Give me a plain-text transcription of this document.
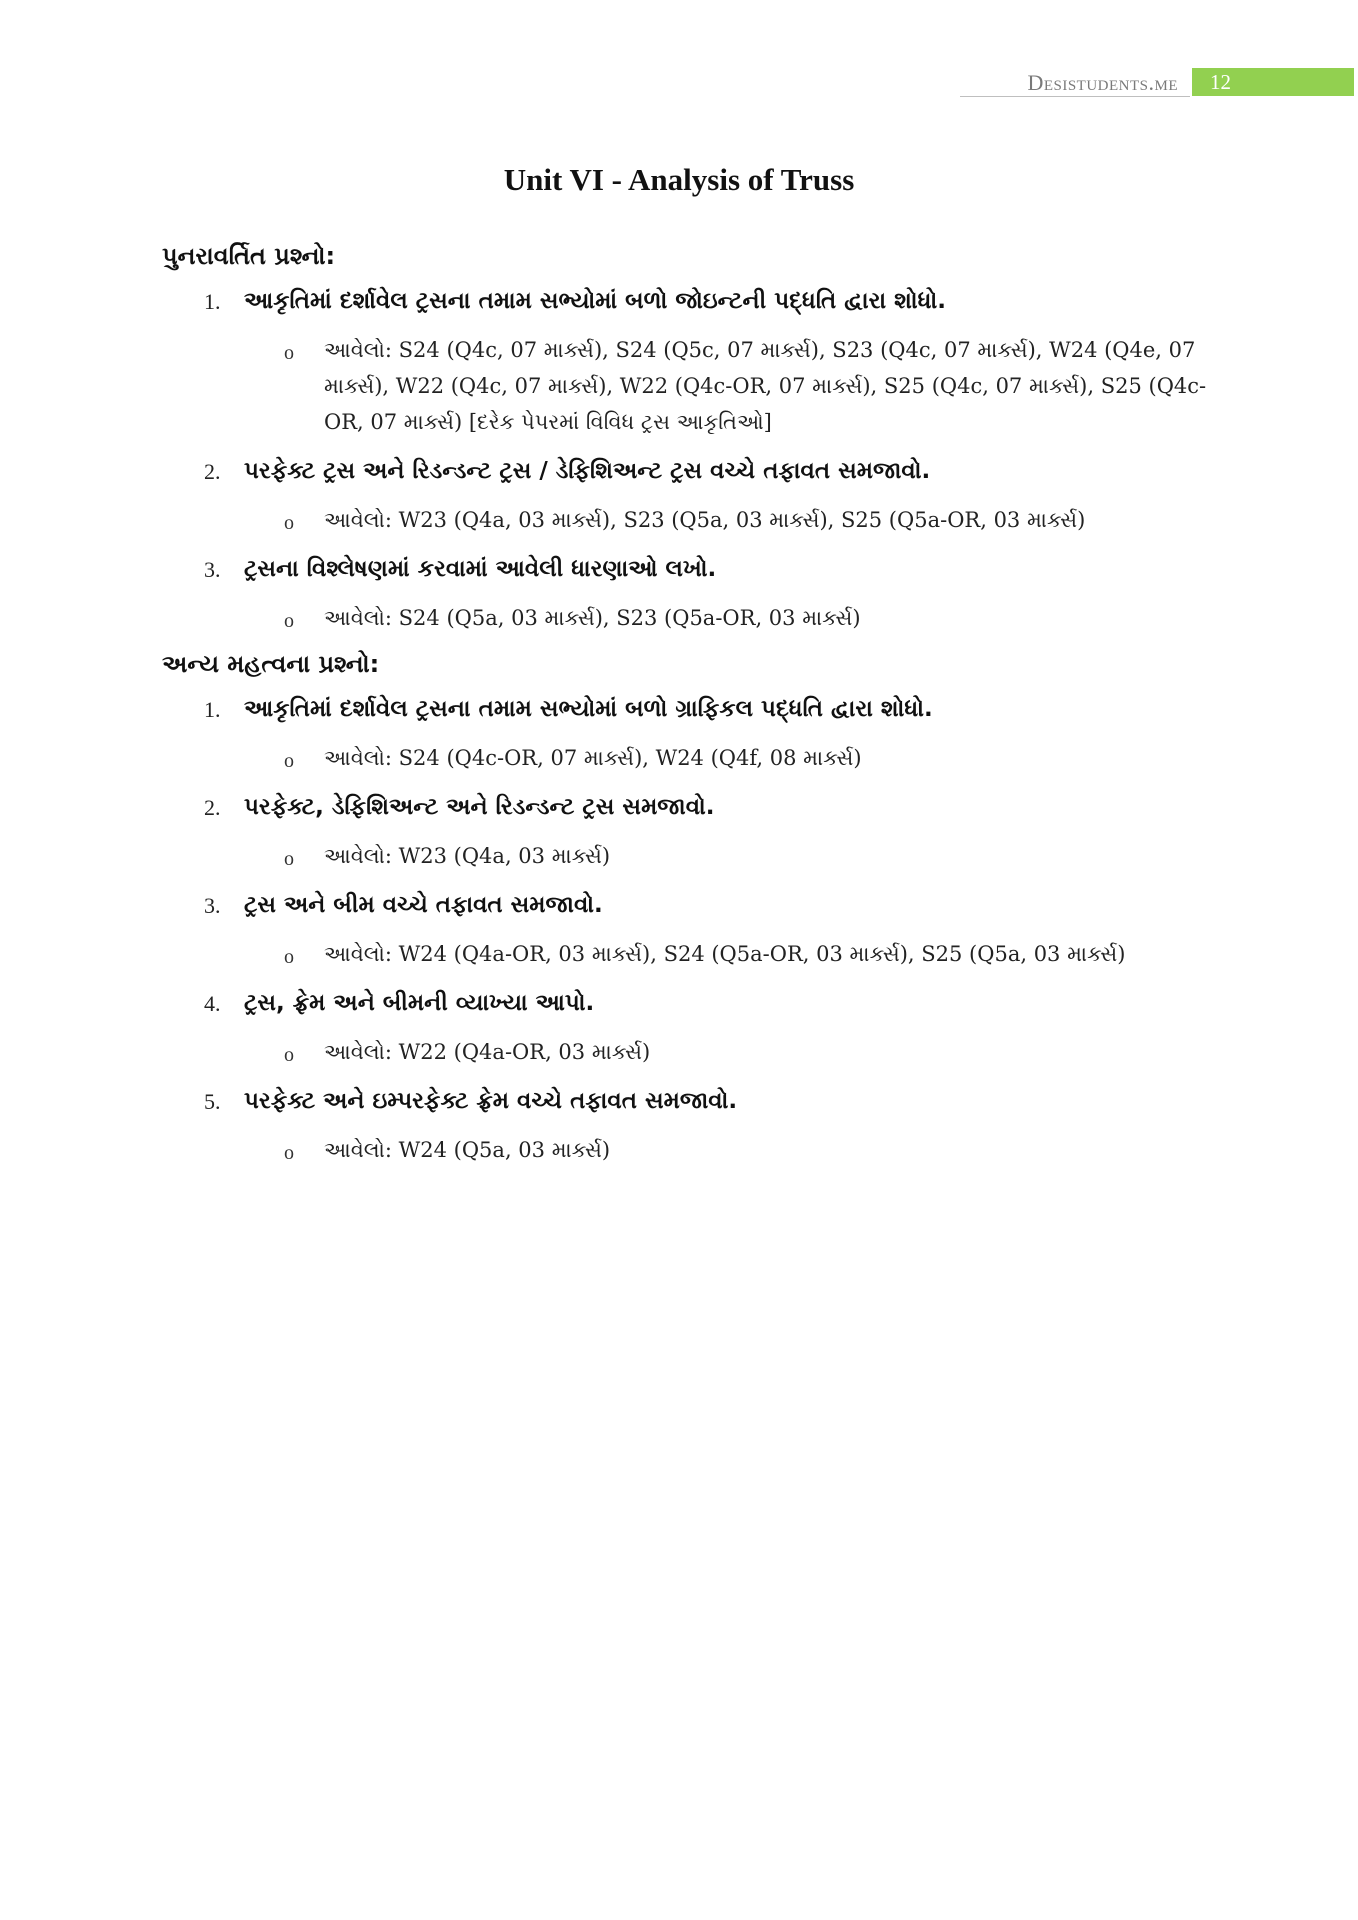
Desistudents.me	12
Unit VI - Analysis of Truss
પુનરાવર્તિત પ્રશ્નો:
1. આકૃતિમાં દર્શાવેલ ટ્રસના તમામ સભ્યોમાં બળો જોઇન્ટની પદ્ધતિ દ્વારા શોધો.
o આવેલો: S24 (Q4c, 07 માર્ક્સ), S24 (Q5c, 07 માર્ક્સ), S23 (Q4c, 07 માર્ક્સ), W24 (Q4e, 07 માર્ક્સ), W22 (Q4c, 07 માર્ક્સ), W22 (Q4c-OR, 07 માર્ક્સ), S25 (Q4c, 07 માર્ક્સ), S25 (Q4c-OR, 07 માર્ક્સ) [દરેક પેપરમાં વિવિધ ટ્રસ આકૃતિઓ]
2. પરફેક્ટ ટ્રસ અને રિડન્ડન્ટ ટ્રસ / ડેફિશિઅન્ટ ટ્રસ વચ્ચે તફાવત સમજાવો.
o આવેલો: W23 (Q4a, 03 માર્ક્સ), S23 (Q5a, 03 માર્ક્સ), S25 (Q5a-OR, 03 માર્ક્સ)
3. ટ્રસના વિશ્લેષણમાં કરવામાં આવેલી ધારણાઓ લખો.
o આવેલો: S24 (Q5a, 03 માર્ક્સ), S23 (Q5a-OR, 03 માર્ક્સ)
અન્ય મહત્વના પ્રશ્નો:
1. આકૃતિમાં દર્શાવેલ ટ્રસના તમામ સભ્યોમાં બળો ગ્રાફિકલ પદ્ધતિ દ્વારા શોધો.
o આવેલો: S24 (Q4c-OR, 07 માર્ક્સ), W24 (Q4f, 08 માર્ક્સ)
2. પરફેક્ટ, ડેફિશિઅન્ટ અને રિડન્ડન્ટ ટ્રસ સમજાવો.
o આવેલો: W23 (Q4a, 03 માર્ક્સ)
3. ટ્રસ અને બીમ વચ્ચે તફાવત સમજાવો.
o આવેલો: W24 (Q4a-OR, 03 માર્ક્સ), S24 (Q5a-OR, 03 માર્ક્સ), S25 (Q5a, 03 માર્ક્સ)
4. ટ્રસ, ફ્રેમ અને બીમની વ્યાખ્યા આપો.
o આવેલો: W22 (Q4a-OR, 03 માર્ક્સ)
5. પરફેક્ટ અને ઇમ્પરફેક્ટ ફ્રેમ વચ્ચે તફાવત સમજાવો.
o આવેલો: W24 (Q5a, 03 માર્ક્સ)
